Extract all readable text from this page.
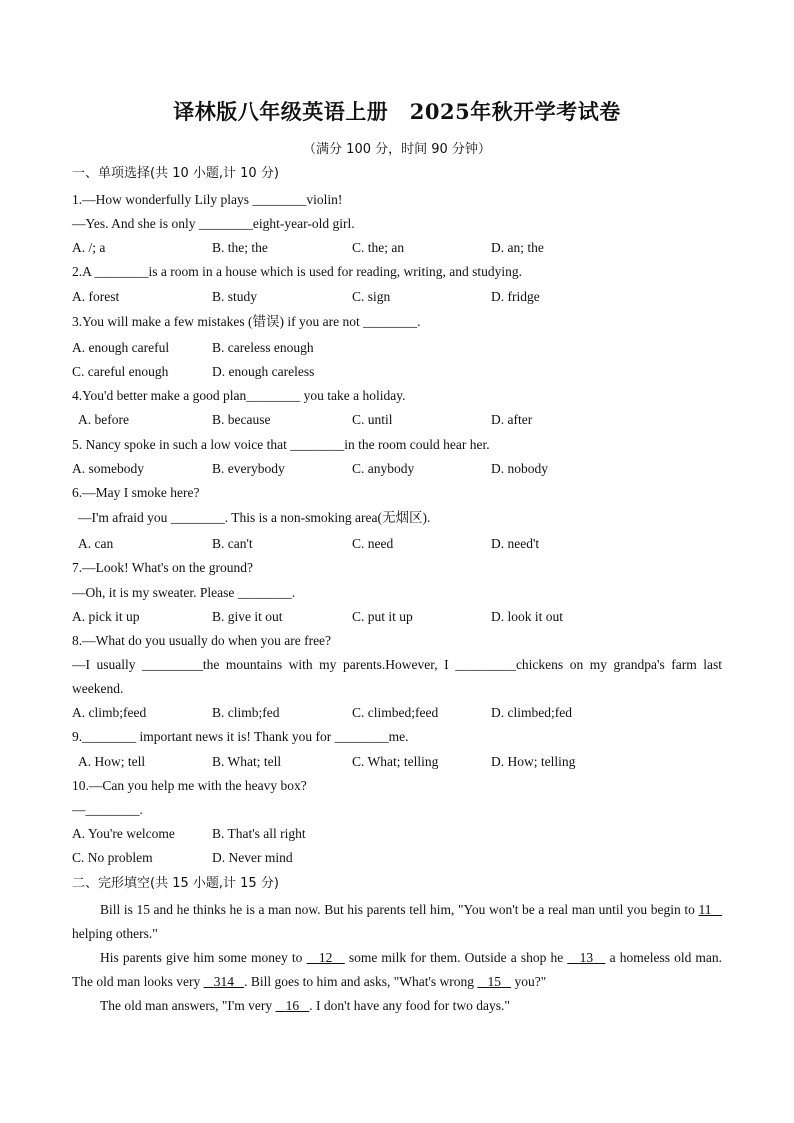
译林版八年级英语上册　2025年秋开学考试卷
（满分 100 分，时间 90 分钟）
一、单项选择(共 10 小题,计 10 分)
1.—How wonderfully Lily plays ________violin!
—Yes. And she is only ________eight-year-old girl.
A. /; a	B. the; the	C. the; an	D. an; the
2.A ________is a room in a house which is used for reading, writing, and studying.
A. forest	B. study	C. sign	D. fridge
3.You will make a few mistakes (错误) if you are not ________.
A. enough careful	B. careless enough
C. careful enough	D. enough careless
4.You'd better make a good plan________ you take a holiday.
A. before	B. because	C. until	D. after
5. Nancy spoke in such a low voice that ________in the room could hear her.
A. somebody	B. everybody	C. anybody	D. nobody
6.—May I smoke here?
—I'm afraid you ________. This is a non-smoking area(无烟区).
A. can	B. can't	C. need	D. need't
7.—Look! What's on the ground?
—Oh, it is my sweater. Please ________.
A. pick it up	B. give it out	C. put it up	D. look it out
8.—What do you usually do when you are free?
—I usually _________the mountains with my parents.However, I _________chickens on my grandpa's farm last
weekend.
A. climb;feed	B. climb;fed	C. climbed;feed	D. climbed;fed
9.________ important news it is! Thank you for ________me.
A. How; tell	B. What; tell	C. What; telling	D. How; telling
10.—Can you help me with the heavy box?
—________.
A. You're welcome	B. That's all right
C. No problem	D. Never mind
二、完形填空(共 15 小题,计 15 分)
Bill is 15 and he thinks he is a man now. But his parents tell him, "You won't be a real man until you begin to 11    helping others."
His parents give him some money to    12    some milk for them. Outside a shop he    13    a homeless old man. The old man looks very    314 . Bill goes to him and asks, "What's wrong    15    you?"
The old man answers, "I'm very    16 . I don't have any food for two days."
